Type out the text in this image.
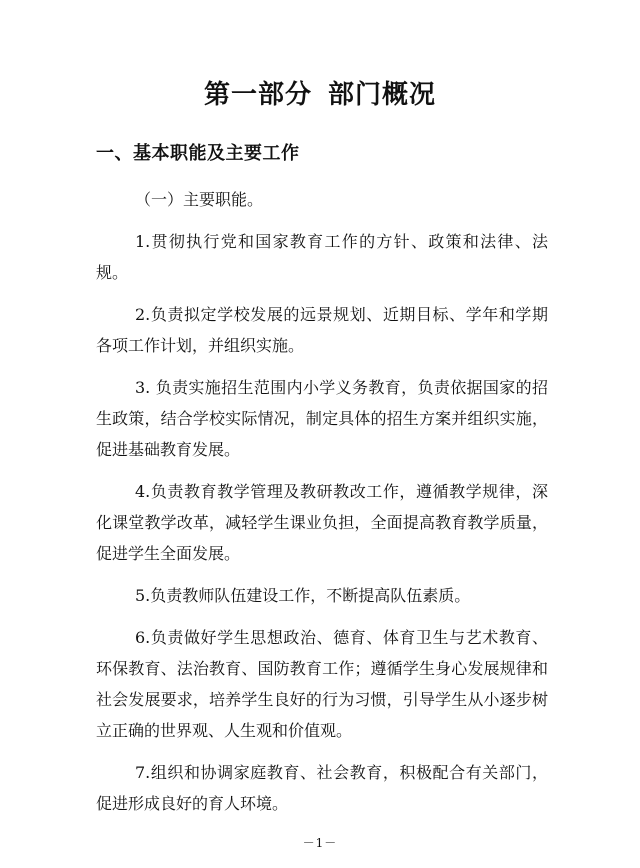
第一部分 部门概况
一、基本职能及主要工作
（一）主要职能。

1.贯彻执行党和国家教育工作的方针、政策和法律、法规。

2.负责拟定学校发展的远景规划、近期目标、学年和学期各项工作计划，并组织实施。

3. 负责实施招生范围内小学义务教育，负责依据国家的招生政策，结合学校实际情况，制定具体的招生方案并组织实施，促进基础教育发展。

4.负责教育教学管理及教研教改工作，遵循教学规律，深化课堂教学改革，减轻学生课业负担，全面提高教育教学质量，促进学生全面发展。

5.负责教师队伍建设工作，不断提高队伍素质。

6.负责做好学生思想政治、德育、体育卫生与艺术教育、环保教育、法治教育、国防教育工作；遵循学生身心发展规律和社会发展要求，培养学生良好的行为习惯，引导学生从小逐步树立正确的世界观、人生观和价值观。

7.组织和协调家庭教育、社会教育，积极配合有关部门，促进形成良好的育人环境。

－1－
